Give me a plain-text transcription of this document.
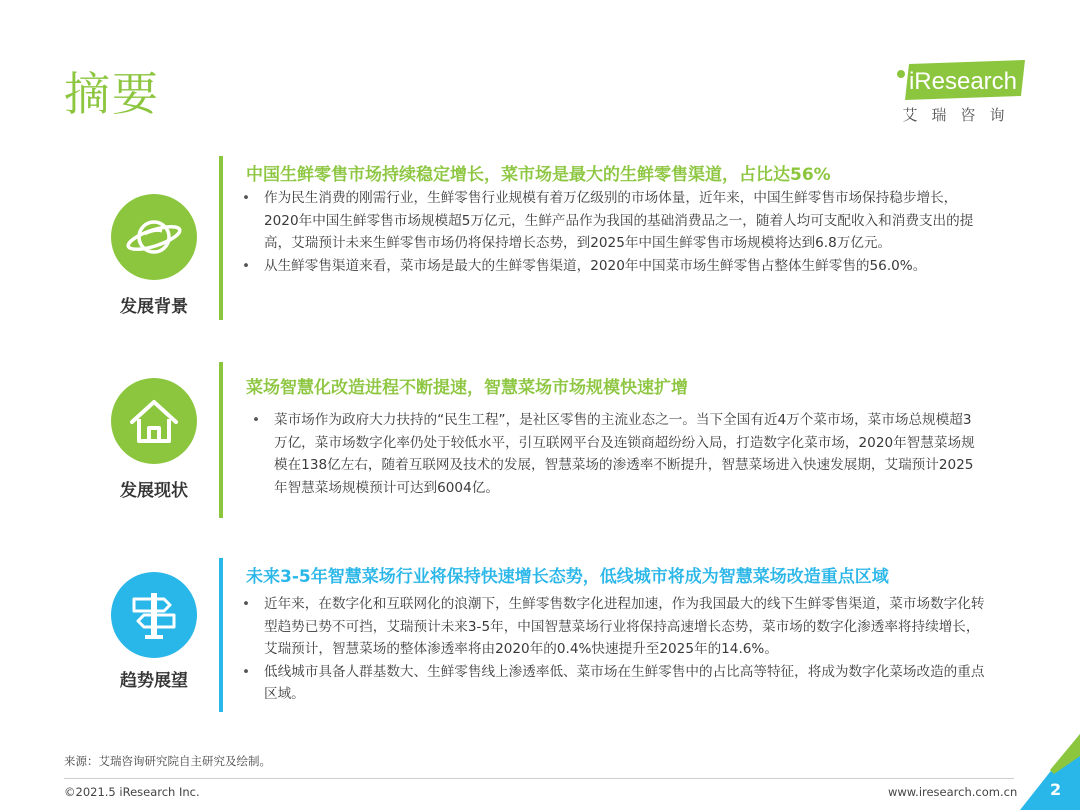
摘要	iResearch
艾瑞咨询
发展背景
中国生鲜零售市场持续稳定增长，菜市场是最大的生鲜零售渠道，占比达56%
• 作为民生消费的刚需行业，生鲜零售行业规模有着万亿级别的市场体量，近年来，中国生鲜零售市场保持稳步增长，2020年中国生鲜零售市场规模超5万亿元，生鲜产品作为我国的基础消费品之一，随着人均可支配收入和消费支出的提高，艾瑞预计未来生鲜零售市场仍将保持增长态势，到2025年中国生鲜零售市场规模将达到6.8万亿元。
• 从生鲜零售渠道来看，菜市场是最大的生鲜零售渠道，2020年中国菜市场生鲜零售占整体生鲜零售的56.0%。
发展现状
菜场智慧化改造进程不断提速，智慧菜场市场规模快速扩增
• 菜市场作为政府大力扶持的“民生工程”，是社区零售的主流业态之一。当下全国有近4万个菜市场，菜市场总规模超3万亿，菜市场数字化率仍处于较低水平，引互联网平台及连锁商超纷纷入局，打造数字化菜市场，2020年智慧菜场规模在138亿左右，随着互联网及技术的发展，智慧菜场的渗透率不断提升，智慧菜场进入快速发展期，艾瑞预计2025年智慧菜场规模预计可达到6004亿。
趋势展望
未来3-5年智慧菜场行业将保持快速增长态势，低线城市将成为智慧菜场改造重点区域
• 近年来，在数字化和互联网化的浪潮下，生鲜零售数字化进程加速，作为我国最大的线下生鲜零售渠道，菜市场数字化转型趋势已势不可挡，艾瑞预计未来3-5年，中国智慧菜场行业将保持高速增长态势，菜市场的数字化渗透率将持续增长，艾瑞预计，智慧菜场的整体渗透率将由2020年的0.4%快速提升至2025年的14.6%。
• 低线城市具备人群基数大、生鲜零售线上渗透率低、菜市场在生鲜零售中的占比高等特征，将成为数字化菜场改造的重点区域。
来源：艾瑞咨询研究院自主研究及绘制。
©2021.5 iResearch Inc.	www.iresearch.com.cn 2
